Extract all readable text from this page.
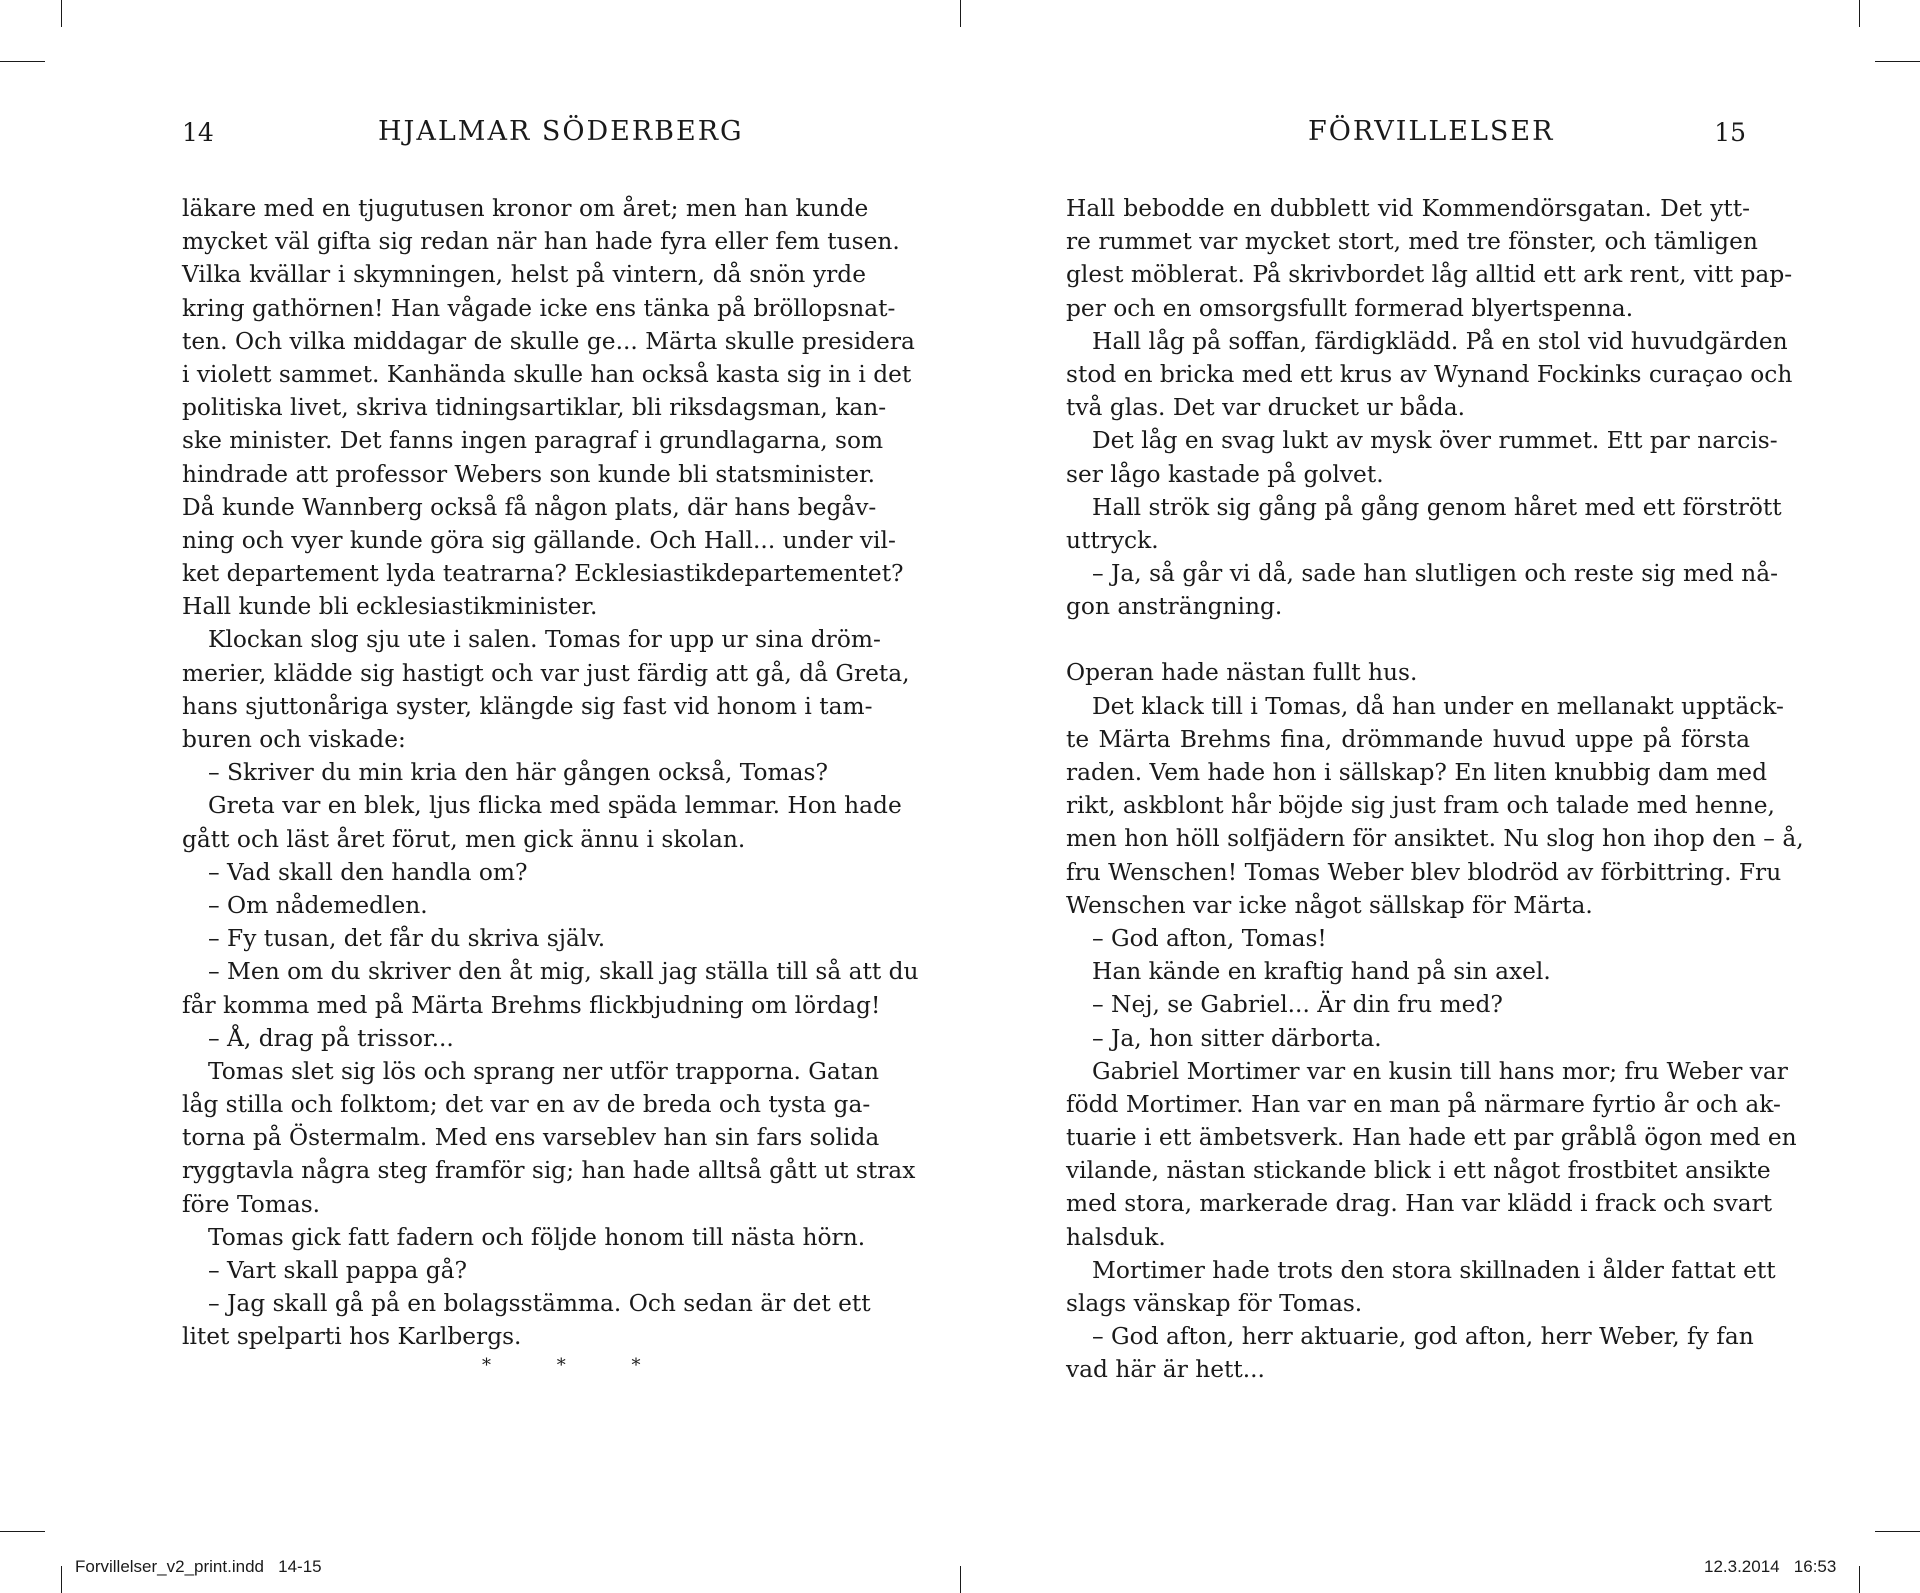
14	HJALMAR SÖDERBERG
läkare med en tjugutusen kronor om året; men han kunde
mycket väl gifta sig redan när han hade fyra eller fem tusen.
Vilka kvällar i skymningen, helst på vintern, då snön yrde
kring gathörnen! Han vågade icke ens tänka på bröllopsnat-
ten. Och vilka middagar de skulle ge... Märta skulle presidera
i violett sammet. Kanhända skulle han också kasta sig in i det
politiska livet, skriva tidningsartiklar, bli riksdagsman, kan-
ske minister. Det fanns ingen paragraf i grundlagarna, som
hindrade att professor Webers son kunde bli statsminister.
Då kunde Wannberg också få någon plats, där hans begåv-
ning och vyer kunde göra sig gällande. Och Hall... under vil-
ket departement lyda teatrarna? Ecklesiastikdepartementet?
Hall kunde bli ecklesiastikminister.
Klockan slog sju ute i salen. Tomas for upp ur sina dröm-
merier, klädde sig hastigt och var just färdig att gå, då Greta,
hans sjuttonåriga syster, klängde sig fast vid honom i tam-
buren och viskade:
– Skriver du min kria den här gången också, Tomas?
Greta var en blek, ljus flicka med späda lemmar. Hon hade
gått och läst året förut, men gick ännu i skolan.
– Vad skall den handla om?
– Om nådemedlen.
– Fy tusan, det får du skriva själv.
– Men om du skriver den åt mig, skall jag ställa till så att du
får komma med på Märta Brehms flickbjudning om lördag!
– Å, drag på trissor...
Tomas slet sig lös och sprang ner utför trapporna. Gatan
låg stilla och folktom; det var en av de breda och tysta ga-
torna på Östermalm. Med ens varseblev han sin fars solida
ryggtavla några steg framför sig; han hade alltså gått ut strax
före Tomas.
Tomas gick fatt fadern och följde honom till nästa hörn.
– Vart skall pappa gå?
– Jag skall gå på en bolagsstämma. Och sedan är det ett
litet spelparti hos Karlbergs.
* * *
FÖRVILLELSER	15
Hall bebodde en dubblett vid Kommendörsgatan. Det ytt-
re rummet var mycket stort, med tre fönster, och tämligen
glest möblerat. På skrivbordet låg alltid ett ark rent, vitt pap-
per och en omsorgsfullt formerad blyertspenna.
Hall låg på soffan, färdigklädd. På en stol vid huvudgärden
stod en bricka med ett krus av Wynand Fockinks curaçao och
två glas. Det var drucket ur båda.
Det låg en svag lukt av mysk över rummet. Ett par narcis-
ser lågo kastade på golvet.
Hall strök sig gång på gång genom håret med ett förstrött
uttryck.
– Ja, så går vi då, sade han slutligen och reste sig med nå-
gon ansträngning.
Operan hade nästan fullt hus.
Det klack till i Tomas, då han under en mellanakt upptäck-
te Märta Brehms fina, drömmande huvud uppe på första
raden. Vem hade hon i sällskap? En liten knubbig dam med
rikt, askblont hår böjde sig just fram och talade med henne,
men hon höll solfjädern för ansiktet. Nu slog hon ihop den – å,
fru Wenschen! Tomas Weber blev blodröd av förbittring. Fru
Wenschen var icke något sällskap för Märta.
– God afton, Tomas!
Han kände en kraftig hand på sin axel.
– Nej, se Gabriel... Är din fru med?
– Ja, hon sitter därborta.
Gabriel Mortimer var en kusin till hans mor; fru Weber var
född Mortimer. Han var en man på närmare fyrtio år och ak-
tuarie i ett ämbetsverk. Han hade ett par gråblå ögon med en
vilande, nästan stickande blick i ett något frostbitet ansikte
med stora, markerade drag. Han var klädd i frack och svart
halsduk.
Mortimer hade trots den stora skillnaden i ålder fattat ett
slags vänskap för Tomas.
– God afton, herr aktuarie, god afton, herr Weber, fy fan
vad här är hett...
Forvillelser_v2_print.indd   14-15	12.3.2014   16:53
